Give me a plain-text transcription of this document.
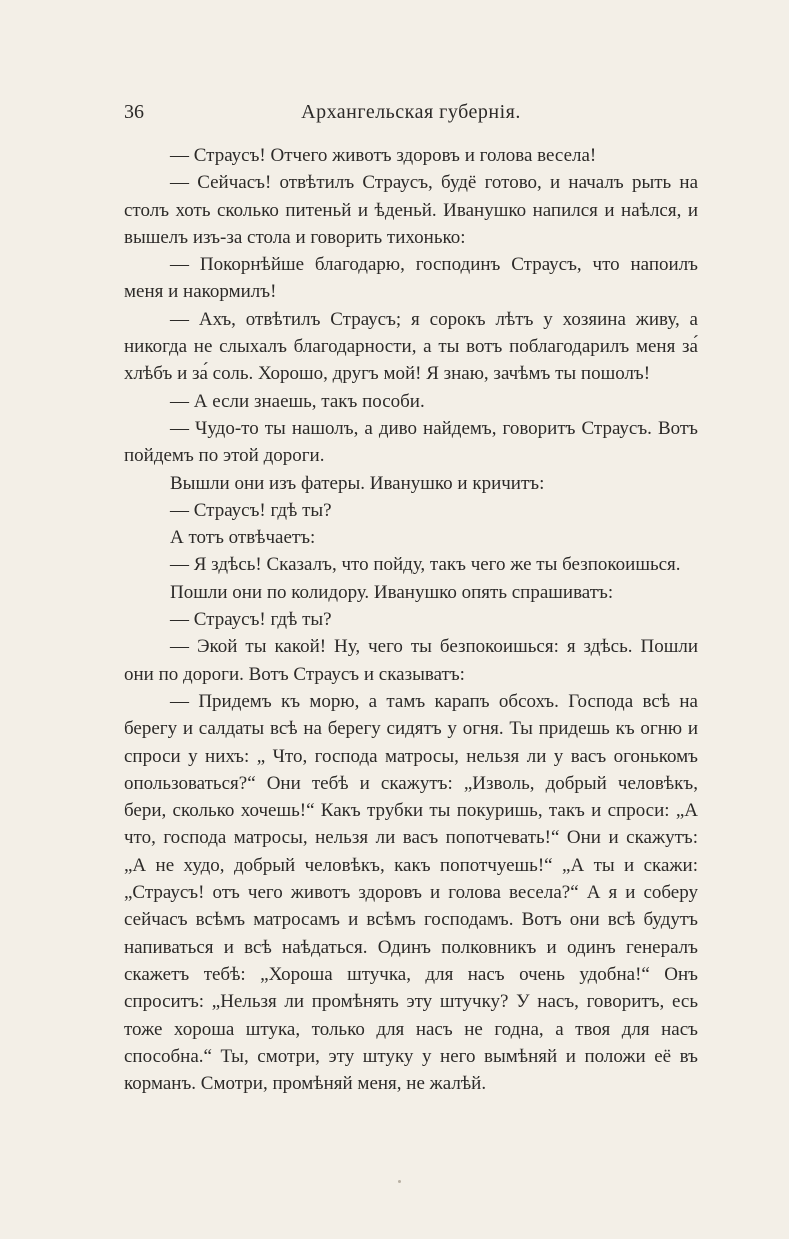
36	Архангельская губернія.

— Страусъ! Отчего животъ здоровъ и голова весела!

— Сейчасъ! отвѣтилъ Страусъ, будё готово, и началъ рыть на столъ хоть сколько питеньй и ѣденьй. Иванушко напился и наѣлся, и вышелъ изъ-за стола и говорить тихонько:

— Покорнѣйше благодарю, господинъ Страусъ, что напоилъ меня и накормилъ!

— Ахъ, отвѣтилъ Страусъ; я сорокъ лѣтъ у хозяина живу, а никогда не слыхалъ благодарности, а ты вотъ поблагодарилъ меня за́ хлѣбъ и за́ соль. Хорошо, другъ мой! Я знаю, зачѣмъ ты пошолъ!

— А если знаешь, такъ пособи.

— Чудо-то ты нашолъ, а диво найдемъ, говоритъ Страусъ. Вотъ пойдемъ по этой дороги.

Вышли они изъ фатеры. Иванушко и кричитъ:

— Страусъ! гдѣ ты?

А тотъ отвѣчаетъ:

— Я здѣсь! Сказалъ, что пойду, такъ чего же ты безпокоишься.

Пошли они по колидору. Иванушко опять спрашиватъ:

— Страусъ! гдѣ ты?

— Экой ты какой! Ну, чего ты безпокоишься: я здѣсь. Пошли они по дороги. Вотъ Страусъ и сказыватъ:

— Придемъ къ морю, а тамъ карапъ обсохъ. Господа всѣ на берегу и салдаты всѣ на берегу сидятъ у огня. Ты придешь къ огню и спроси у нихъ: „ Что, господа матросы, нельзя ли у васъ огонькомъ опользоваться?“ Они тебѣ и скажутъ: „Изволь, добрый человѣкъ, бери, сколько хочешь!“ Какъ трубки ты покуришь, такъ и спроси: „А что, господа матросы, нельзя ли васъ попотчевать!“ Они и скажутъ: „А не худо, добрый человѣкъ, какъ попотчуешь!“ „А ты и скажи: „Страусъ! отъ чего животъ здоровъ и голова весела?“ А я и соберу сейчасъ всѣмъ матросамъ и всѣмъ господамъ. Вотъ они всѣ будутъ напиваться и всѣ наѣдаться. Одинъ полковникъ и одинъ генералъ скажетъ тебѣ: „Хороша штучка, для насъ очень удобна!“ Онъ спроситъ: „Нельзя ли промѣнять эту штучку? У насъ, говоритъ, есь тоже хороша штука, только для насъ не годна, а твоя для насъ способна.“ Ты, смотри, эту штуку у него вымѣняй и положи её въ корманъ. Смотри, промѣняй меня, не жалѣй.
